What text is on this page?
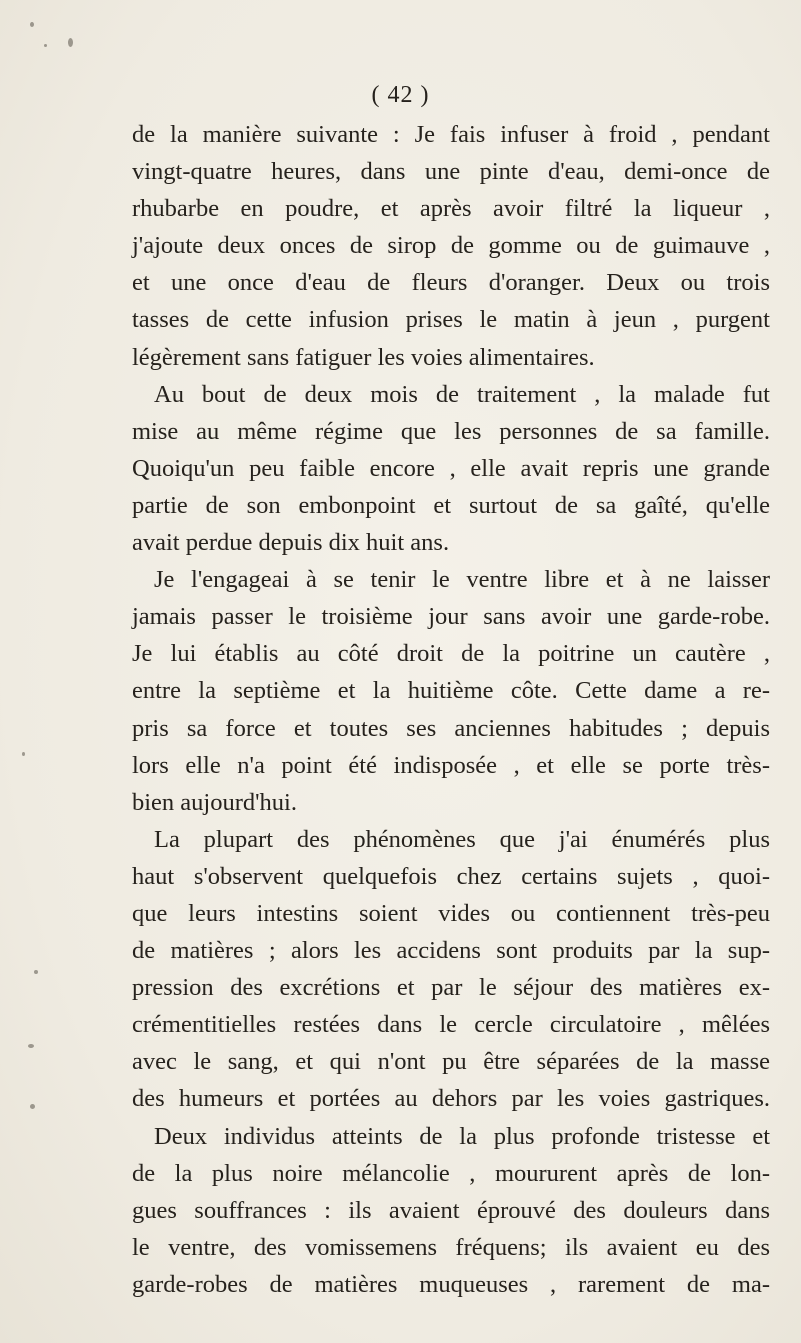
( 42 )
de la manière suivante : Je fais infuser à froid , pendant
vingt-quatre heures, dans une pinte d'eau, demi-once de
rhubarbe en poudre, et après avoir filtré la liqueur ,
j'ajoute deux onces de sirop de gomme ou de guimauve ,
et une once d'eau de fleurs d'oranger. Deux ou trois
tasses de cette infusion prises le matin à jeun , purgent
légèrement sans fatiguer les voies alimentaires.
Au bout de deux mois de traitement , la malade fut
mise au même régime que les personnes de sa famille.
Quoiqu'un peu faible encore , elle avait repris une grande
partie de son embonpoint et surtout de sa gaîté, qu'elle
avait perdue depuis dix huit ans.
Je l'engageai à se tenir le ventre libre et à ne laisser
jamais passer le troisième jour sans avoir une garde-robe.
Je lui établis au côté droit de la poitrine un cautère ,
entre la septième et la huitième côte. Cette dame a re-
pris sa force et toutes ses anciennes habitudes ; depuis
lors elle n'a point été indisposée , et elle se porte très-
bien aujourd'hui.
La plupart des phénomènes que j'ai énumérés plus
haut s'observent quelquefois chez certains sujets , quoi-
que leurs intestins soient vides ou contiennent très-peu
de matières ; alors les accidens sont produits par la sup-
pression des excrétions et par le séjour des matières ex-
crémentitielles restées dans le cercle circulatoire , mêlées
avec le sang, et qui n'ont pu être séparées de la masse
des humeurs et portées au dehors par les voies gastriques.
Deux individus atteints de la plus profonde tristesse et
de la plus noire mélancolie , moururent après de lon-
gues souffrances : ils avaient éprouvé des douleurs dans
le ventre, des vomissemens fréquens; ils avaient eu des
garde-robes de matières muqueuses , rarement de ma-
